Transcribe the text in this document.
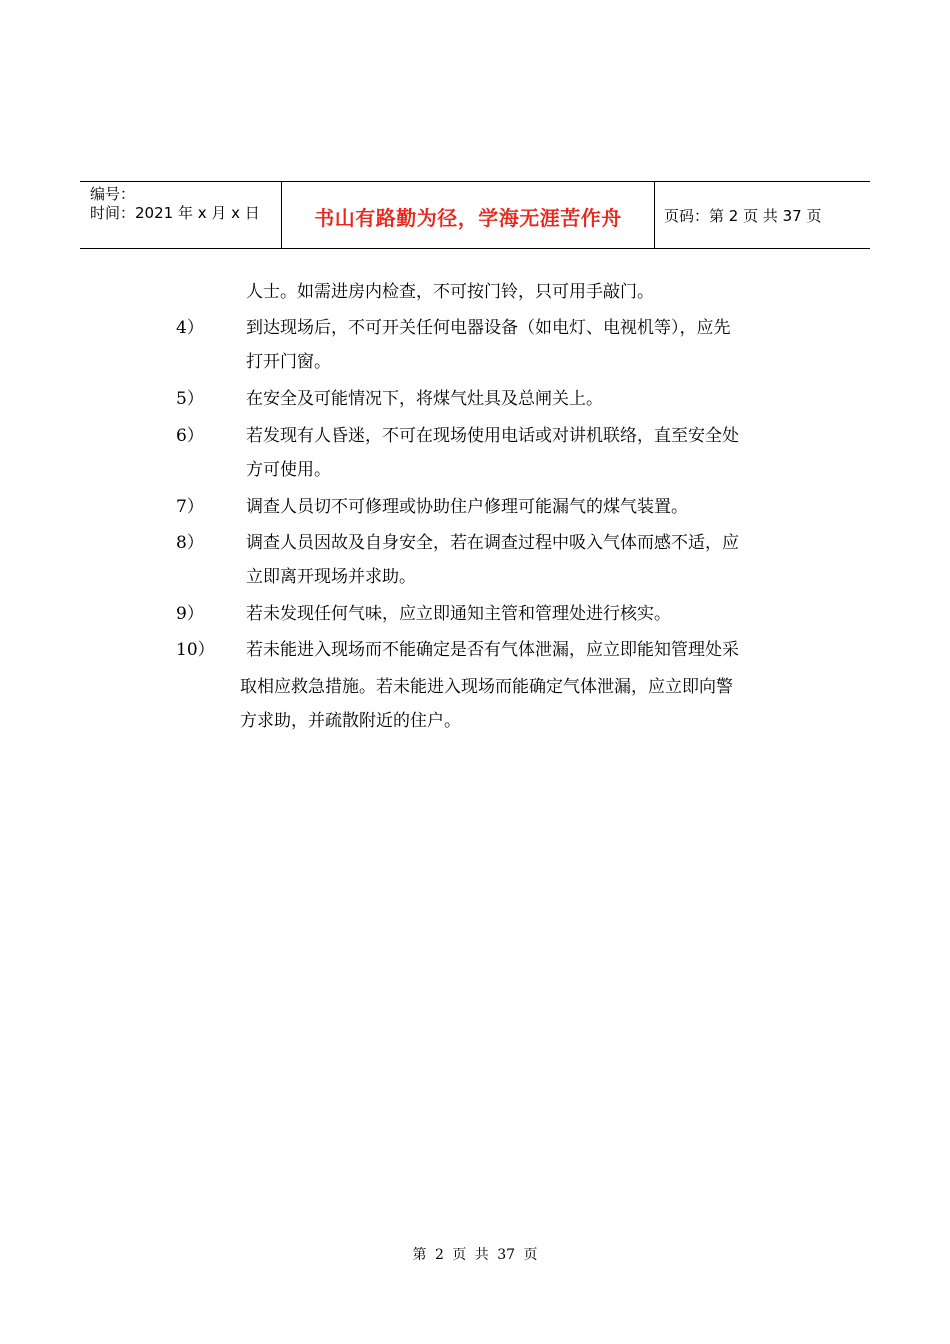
编号：
时间：2021 年 x 月 x 日	书山有路勤为径，学海无涯苦作舟	页码：第 2 页 共 37 页
人士。如需进房内检查，不可按门铃，只可用手敲门。
4） 到达现场后，不可开关任何电器设备（如电灯、电视机等），应先
打开门窗。
5） 在安全及可能情况下，将煤气灶具及总闸关上。
6） 若发现有人昏迷，不可在现场使用电话或对讲机联络，直至安全处
方可使用。
7） 调查人员切不可修理或协助住户修理可能漏气的煤气装置。
8） 调查人员因故及自身安全，若在调查过程中吸入气体而感不适，应
立即离开现场并求助。
9） 若未发现任何气味，应立即通知主管和管理处进行核实。
10） 若未能进入现场而不能确定是否有气体泄漏，应立即能知管理处采
取相应救急措施。若未能进入现场而能确定气体泄漏，应立即向警
方求助，并疏散附近的住户。
第 2 页 共 37 页
